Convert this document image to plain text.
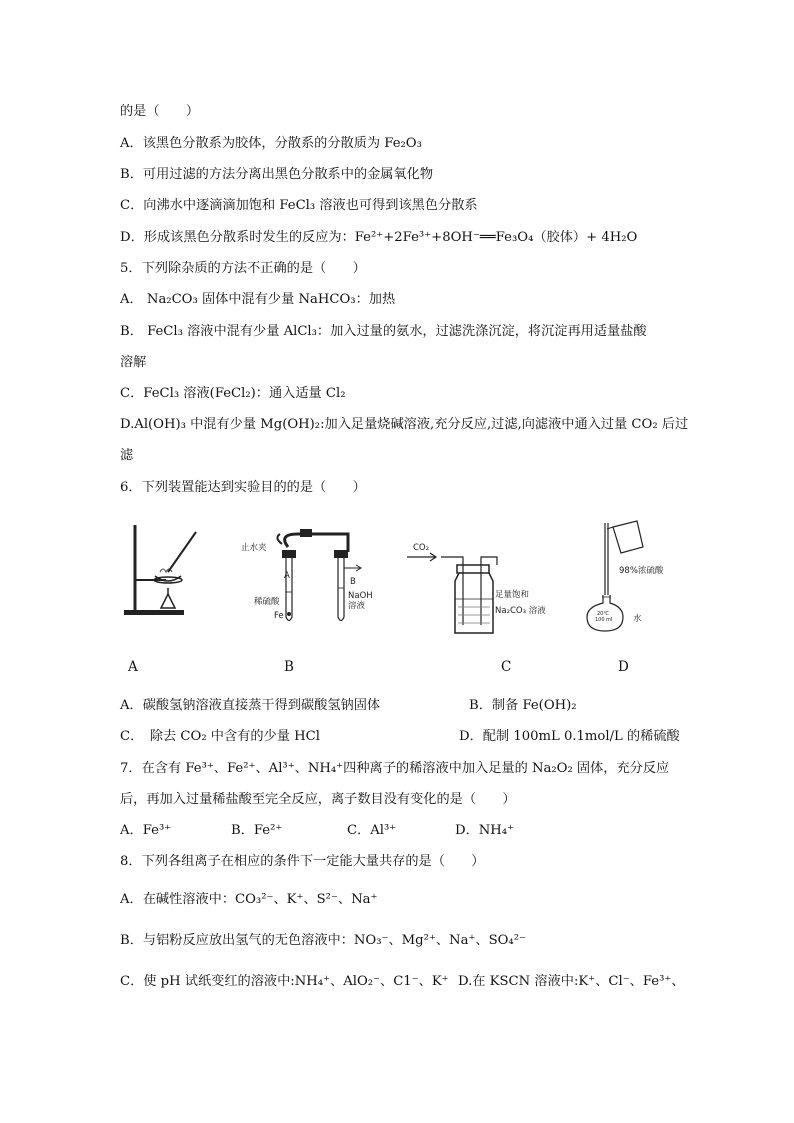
的是（　　）
A．该黑色分散系为胶体，分散系的分散质为 Fe₂O₃
B．可用过滤的方法分离出黑色分散系中的金属氧化物
C．向沸水中逐滴滴加饱和 FeCl₃ 溶液也可得到该黑色分散系
D．形成该黑色分散系时发生的反应为：Fe²⁺+2Fe³⁺+8OH⁻══Fe₃O₄（胶体）+ 4H₂O
5．下列除杂质的方法不正确的是（　　）
A． Na₂CO₃ 固体中混有少量 NaHCO₃：加热
B． FeCl₃ 溶液中混有少量 AlCl₃：加入过量的氨水，过滤洗涤沉淀，将沉淀再用适量盐酸
溶解
C．FeCl₃ 溶液(FeCl₂)：通入适量 Cl₂
D.Al(OH)₃ 中混有少量 Mg(OH)₂:加入足量烧碱溶液,充分反应,过滤,向滤液中通入过量 CO₂ 后过
滤
6．下列装置能达到实验目的的是（　　）
止水夹
A
B
稀硫酸
Fe
NaOH
溶液
CO₂
足量饱和
Na₂CO₃ 溶液
98%浓硫酸
水
20℃
100 ml
A	B	C	D
A．碳酸氢钠溶液直接蒸干得到碳酸氢钠固体	B．制备 Fe(OH)₂
C．　除去 CO₂ 中含有的少量 HCl	D．配制 100mL 0.1mol/L 的稀硫酸
7．在含有 Fe³⁺、Fe²⁺、Al³⁺、NH₄⁺四种离子的稀溶液中加入足量的 Na₂O₂ 固体，充分反应
后，再加入过量稀盐酸至完全反应，离子数目没有变化的是（　　）
A．Fe³⁺	B．Fe²⁺	C．Al³⁺	D．NH₄⁺
8．下列各组离子在相应的条件下一定能大量共存的是（　　）
A．在碱性溶液中：CO₃²⁻、K⁺、S²⁻、Na⁺
B．与铝粉反应放出氢气的无色溶液中：NO₃⁻、Mg²⁺、Na⁺、SO₄²⁻
C．使 pH 试纸变红的溶液中:NH₄⁺、AlO₂⁻、C1⁻、K⁺ D.在 KSCN 溶液中:K⁺、Cl⁻、Fe³⁺、
